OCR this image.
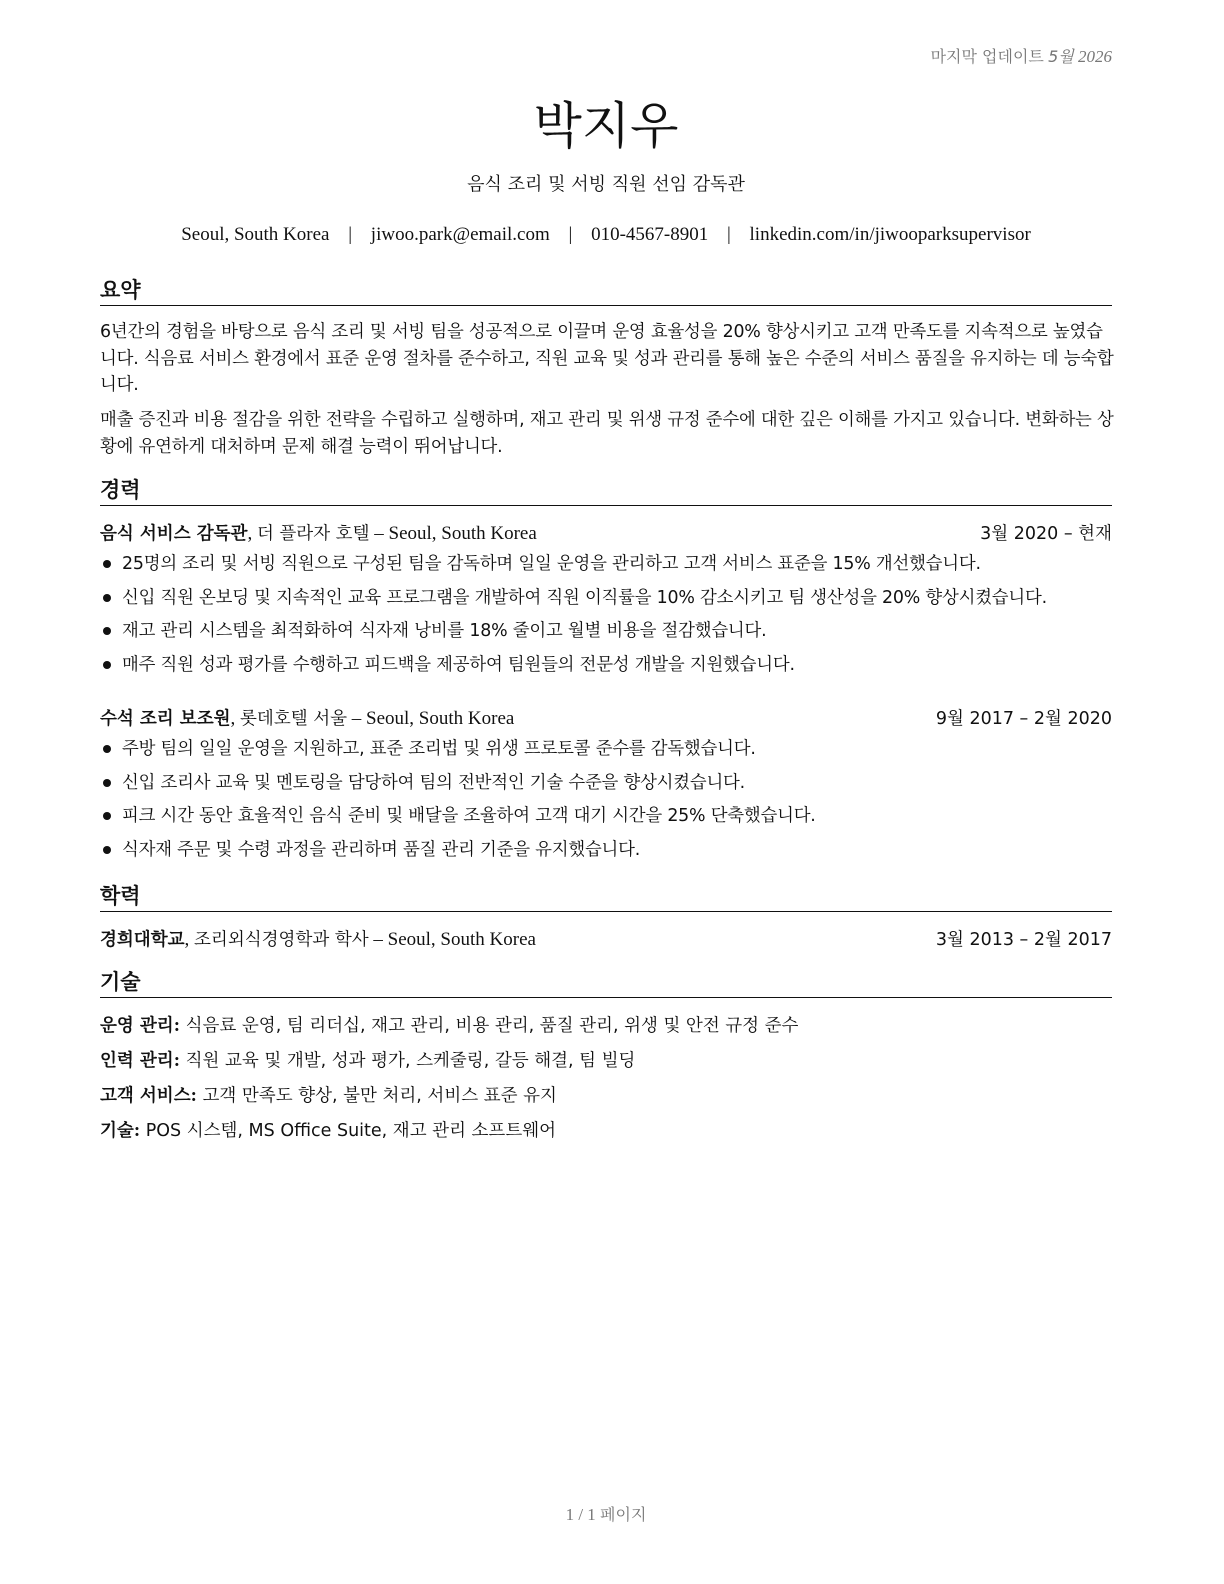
마지막 업데이트 5월 2026
박지우
음식 조리 및 서빙 직원 선임 감독관
Seoul, South Korea | jiwoo.park@email.com | 010-4567-8901 | linkedin.com/in/jiwooparksupervisor
요약
6년간의 경험을 바탕으로 음식 조리 및 서빙 팀을 성공적으로 이끌며 운영 효율성을 20% 향상시키고 고객 만족도를 지속적으로 높였습니다. 식음료 서비스 환경에서 표준 운영 절차를 준수하고, 직원 교육 및 성과 관리를 통해 높은 수준의 서비스 품질을 유지하는 데 능숙합니다.
매출 증진과 비용 절감을 위한 전략을 수립하고 실행하며, 재고 관리 및 위생 규정 준수에 대한 깊은 이해를 가지고 있습니다. 변화하는 상황에 유연하게 대처하며 문제 해결 능력이 뛰어납니다.
경력
음식 서비스 감독관, 더 플라자 호텔 – Seoul, South Korea	3월 2020 – 현재
25명의 조리 및 서빙 직원으로 구성된 팀을 감독하며 일일 운영을 관리하고 고객 서비스 표준을 15% 개선했습니다.
신입 직원 온보딩 및 지속적인 교육 프로그램을 개발하여 직원 이직률을 10% 감소시키고 팀 생산성을 20% 향상시켰습니다.
재고 관리 시스템을 최적화하여 식자재 낭비를 18% 줄이고 월별 비용을 절감했습니다.
매주 직원 성과 평가를 수행하고 피드백을 제공하여 팀원들의 전문성 개발을 지원했습니다.
수석 조리 보조원, 롯데호텔 서울 – Seoul, South Korea	9월 2017 – 2월 2020
주방 팀의 일일 운영을 지원하고, 표준 조리법 및 위생 프로토콜 준수를 감독했습니다.
신입 조리사 교육 및 멘토링을 담당하여 팀의 전반적인 기술 수준을 향상시켰습니다.
피크 시간 동안 효율적인 음식 준비 및 배달을 조율하여 고객 대기 시간을 25% 단축했습니다.
식자재 주문 및 수령 과정을 관리하며 품질 관리 기준을 유지했습니다.
학력
경희대학교, 조리외식경영학과 학사 – Seoul, South Korea	3월 2013 – 2월 2017
기술
운영 관리: 식음료 운영, 팀 리더십, 재고 관리, 비용 관리, 품질 관리, 위생 및 안전 규정 준수
인력 관리: 직원 교육 및 개발, 성과 평가, 스케줄링, 갈등 해결, 팀 빌딩
고객 서비스: 고객 만족도 향상, 불만 처리, 서비스 표준 유지
기술: POS 시스템, MS Office Suite, 재고 관리 소프트웨어
1 / 1 페이지
